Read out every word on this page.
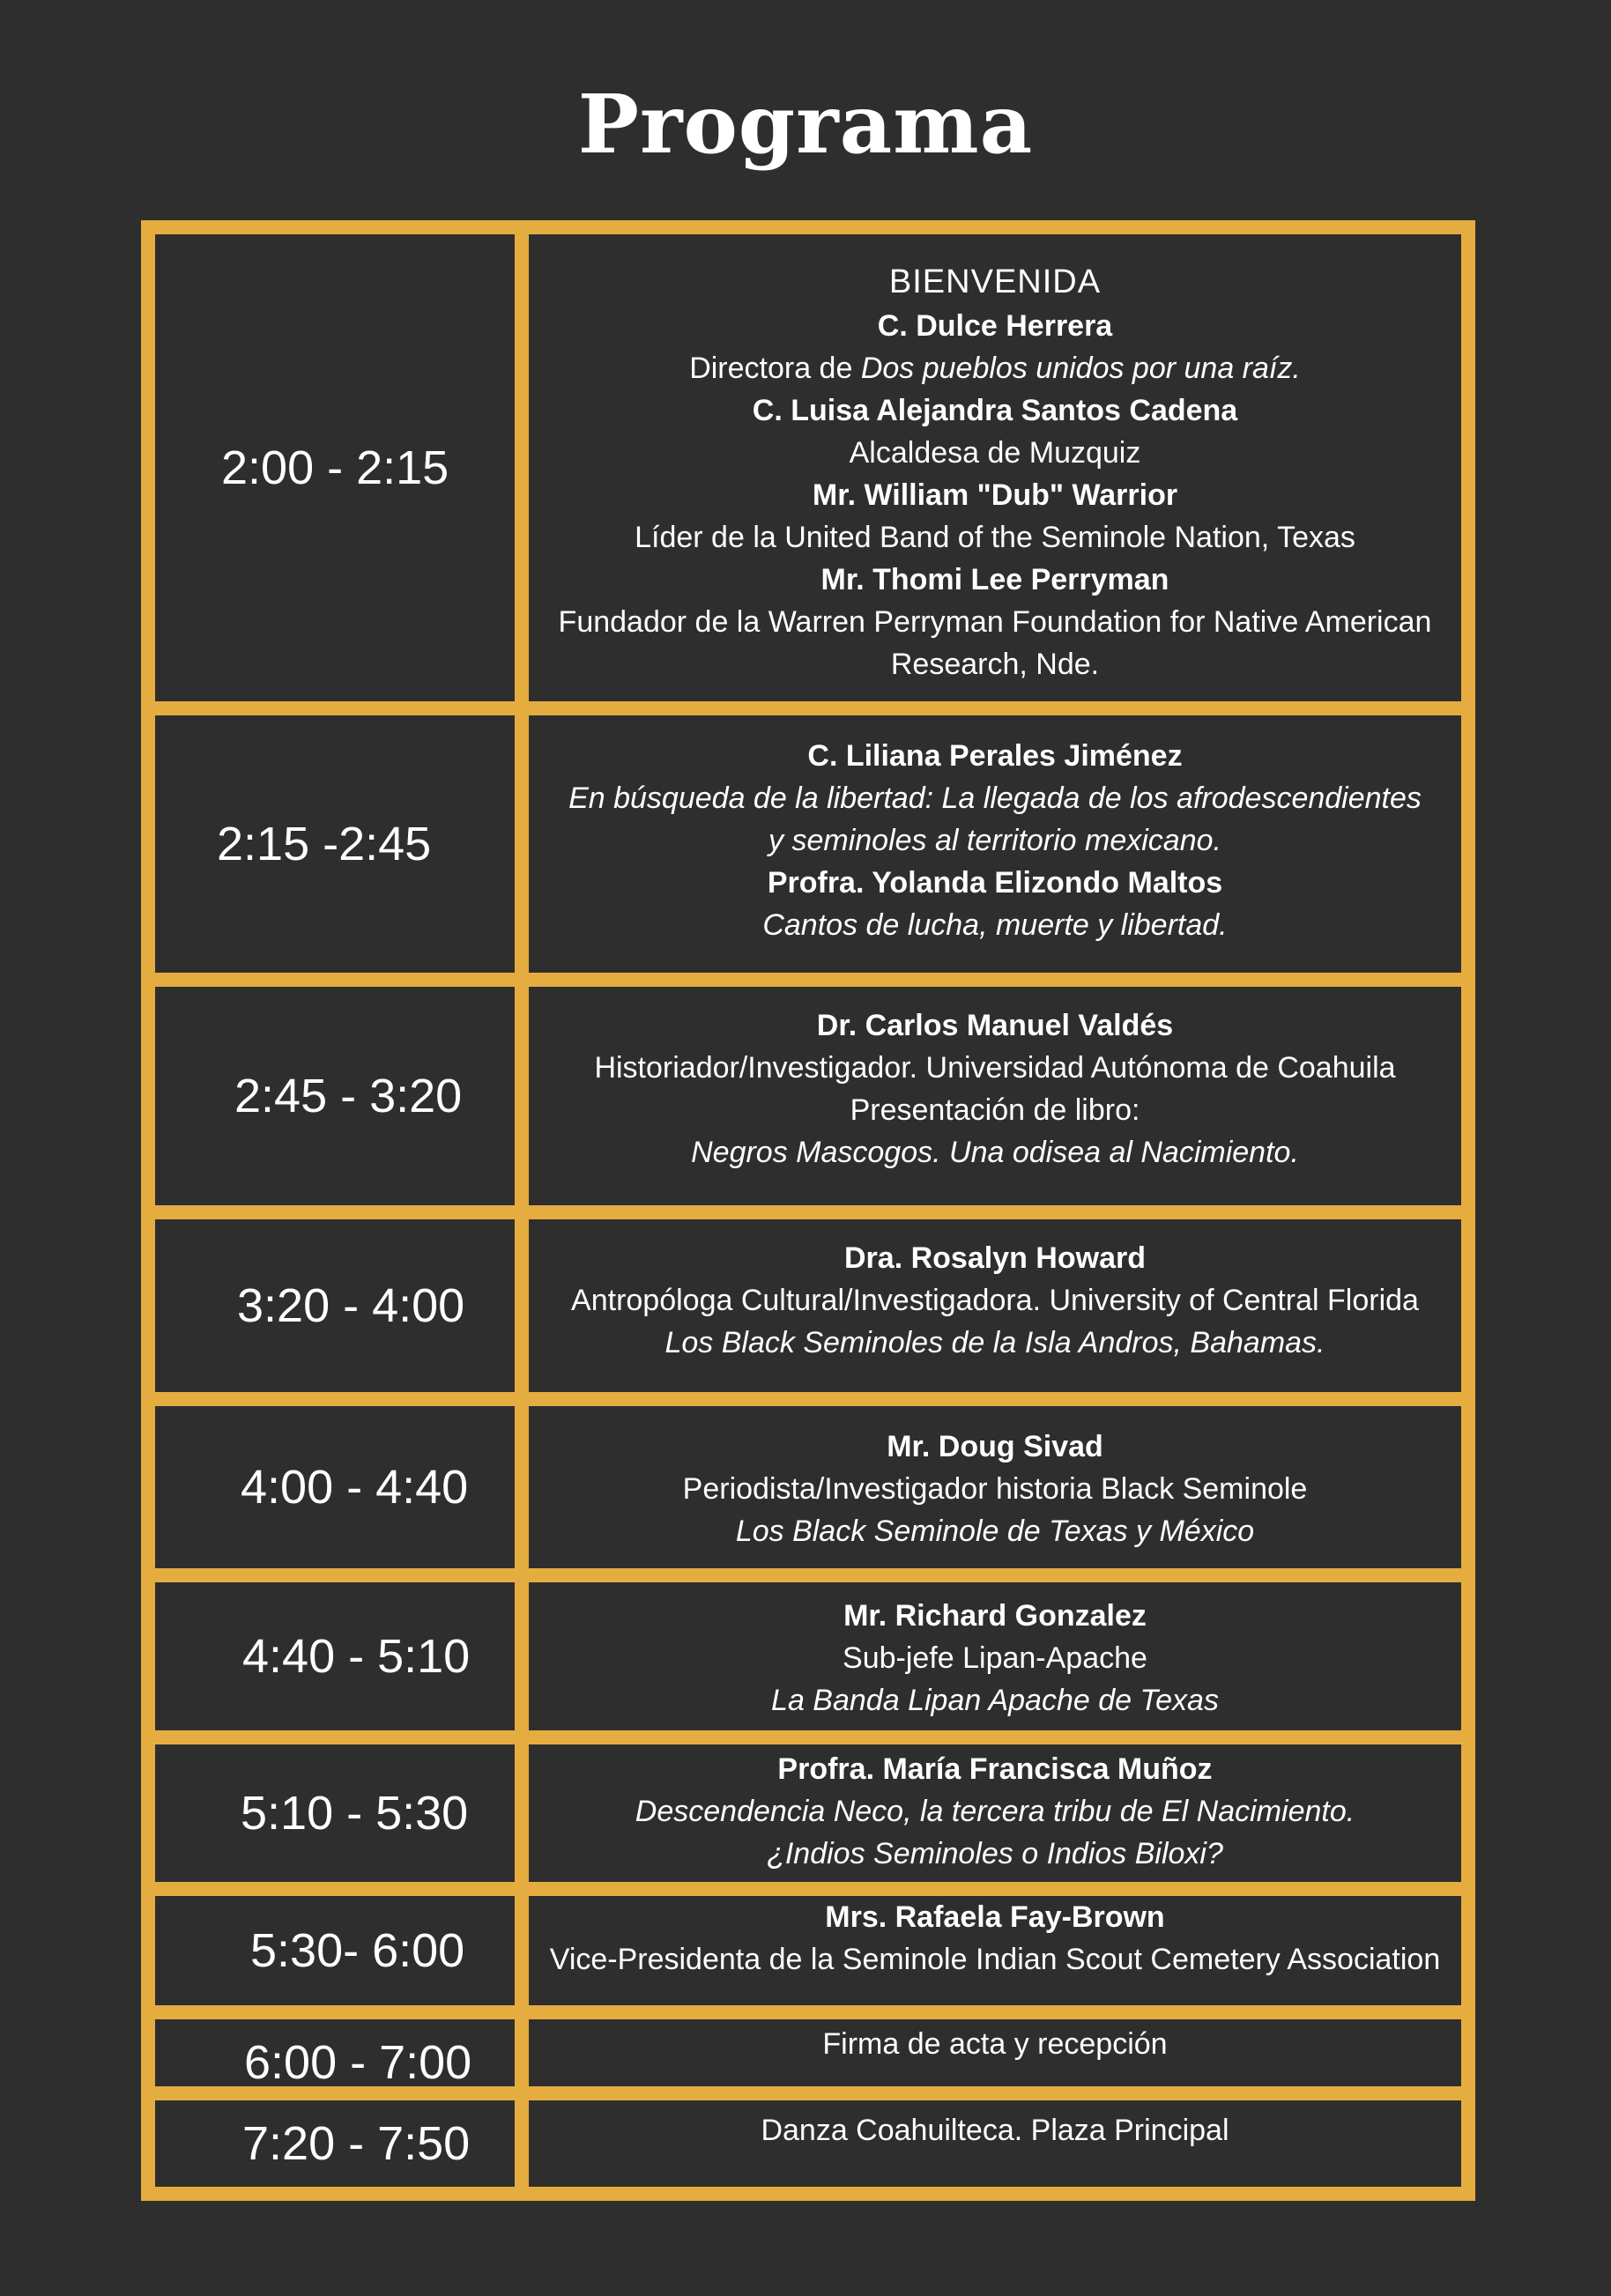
Programa
2:00 - 2:15
BIENVENIDA
C. Dulce Herrera
Directora de Dos pueblos unidos por una raíz.
C. Luisa Alejandra Santos Cadena
Alcaldesa de Muzquiz
Mr. William "Dub" Warrior
Líder de la United Band of the Seminole Nation, Texas
Mr. Thomi Lee Perryman
Fundador de la Warren Perryman Foundation for Native American
Research, Nde.
2:15 -2:45
C. Liliana Perales Jiménez
En búsqueda de la libertad: La llegada de los afrodescendientes
y seminoles al territorio mexicano.
Profra. Yolanda Elizondo Maltos
Cantos de lucha, muerte y libertad.
2:45 - 3:20
Dr. Carlos Manuel Valdés
Historiador/Investigador. Universidad Autónoma de Coahuila
Presentación de libro:
Negros Mascogos. Una odisea al Nacimiento.
3:20 - 4:00
Dra. Rosalyn Howard
Antropóloga Cultural/Investigadora. University of Central Florida
Los Black Seminoles de la Isla Andros, Bahamas.
4:00 - 4:40
Mr. Doug Sivad
Periodista/Investigador historia Black Seminole
Los Black Seminole de Texas y México
4:40 - 5:10
Mr. Richard Gonzalez
Sub-jefe Lipan-Apache
La Banda Lipan Apache de Texas
5:10 - 5:30
Profra. María Francisca Muñoz
Descendencia Neco, la tercera tribu de El Nacimiento.
¿Indios Seminoles o Indios Biloxi?
5:30- 6:00
Mrs. Rafaela Fay-Brown
Vice-Presidenta de la Seminole Indian Scout Cemetery Association
6:00 - 7:00	Firma de acta y recepción
7:20 - 7:50	Danza Coahuilteca. Plaza Principal
